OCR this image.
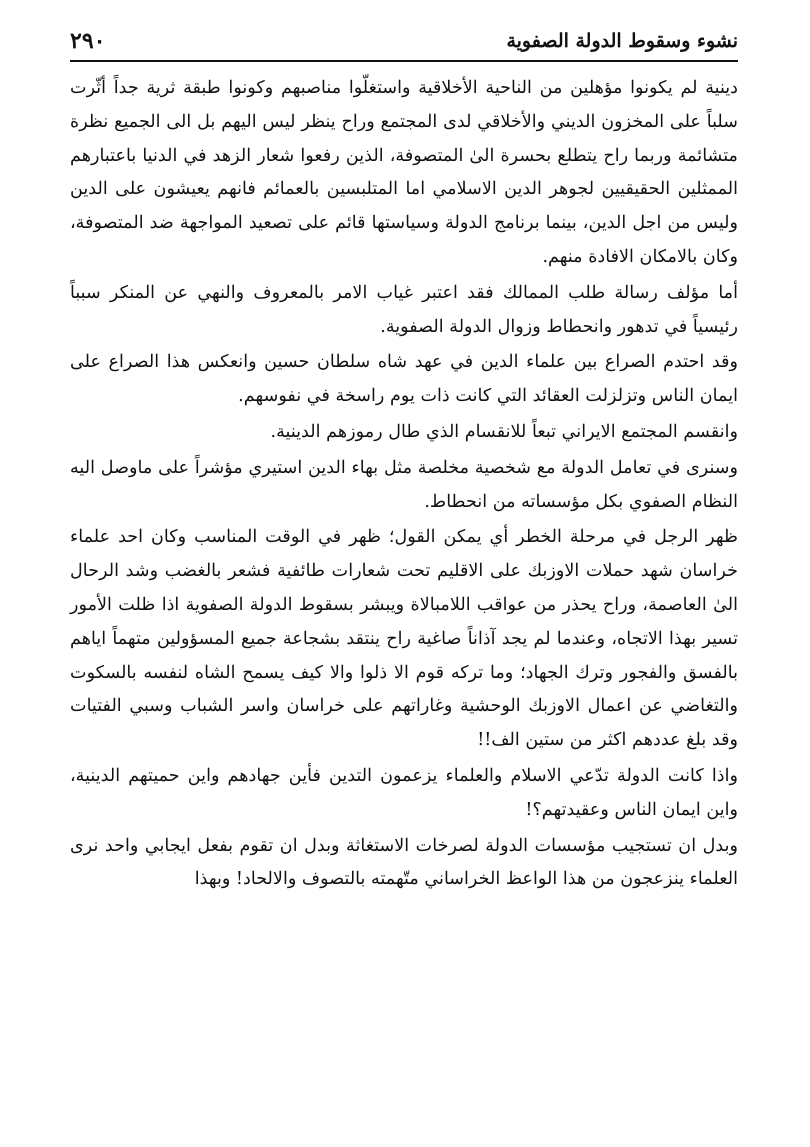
نشوء وسقوط الدولة الصفوية
٢٩٠

دينية لم يكونوا مؤهلين من الناحية الأخلاقية واستغلّوا مناصبهم وكونوا طبقة ثرية جداً أثّرت سلباً على المخزون الديني والأخلاقي لدى المجتمع وراح ينظر ليس اليهم بل الى الجميع نظرة متشائمة وربما راح يتطلع بحسرة الىٰ المتصوفة، الذين رفعوا شعار الزهد في الدنيا باعتبارهم الممثلين الحقيقيين لجوهر الدين الاسلامي اما المتلبسين بالعمائم فانهم يعيشون على الدين وليس من اجل الدين، بينما برنامج الدولة وسياستها قائم على تصعيد المواجهة ضد المتصوفة، وكان بالامكان الافادة منهم.

أما مؤلف رسالة طلب الممالك فقد اعتبر غياب الامر بالمعروف والنهي عن المنكر سبباً رئيسياً في تدهور وانحطاط وزوال الدولة الصفوية.

وقد احتدم الصراع بين علماء الدين في عهد شاه سلطان حسين وانعكس هذا الصراع على ايمان الناس وتزلزلت العقائد التي كانت ذات يوم راسخة في نفوسهم.

وانقسم المجتمع الايراني تبعاً للانقسام الذي طال رموزهم الدينية.

وسنرى في تعامل الدولة مع شخصية مخلصة مثل بهاء الدين استيري مؤشراً على ماوصل اليه النظام الصفوي بكل مؤسساته من انحطاط.

ظهر الرجل في مرحلة الخطر أي يمكن القول؛ ظهر في الوقت المناسب وكان احد علماء خراسان شهد حملات الاوزبك على الاقليم تحت شعارات طائفية فشعر بالغضب وشد الرحال الىٰ العاصمة، وراح يحذر من عواقب اللامبالاة ويبشر بسقوط الدولة الصفوية اذا ظلت الأمور تسير بهذا الاتجاه، وعندما لم يجد آذاناً صاغية راح ينتقد بشجاعة جميع المسؤولين متهماً اياهم بالفسق والفجور وترك الجهاد؛ وما تركه قوم الا ذلوا والا كيف يسمح الشاه لنفسه بالسكوت والتغاضي عن اعمال الاوزبك الوحشية وغاراتهم على خراسان واسر الشباب وسبي الفتيات وقد بلغ عددهم اكثر من ستين الف!!

واذا كانت الدولة تدّعي الاسلام والعلماء يزعمون التدين فأين جهادهم واين حميتهم الدينية، واين ايمان الناس وعقيدتهم؟!

وبدل ان تستجيب مؤسسات الدولة لصرخات الاستغاثة وبدل ان تقوم بفعل ايجابي واحد نرى العلماء ينزعجون من هذا الواعظ الخراساني متّهمته بالتصوف والالحاد! وبهذا
